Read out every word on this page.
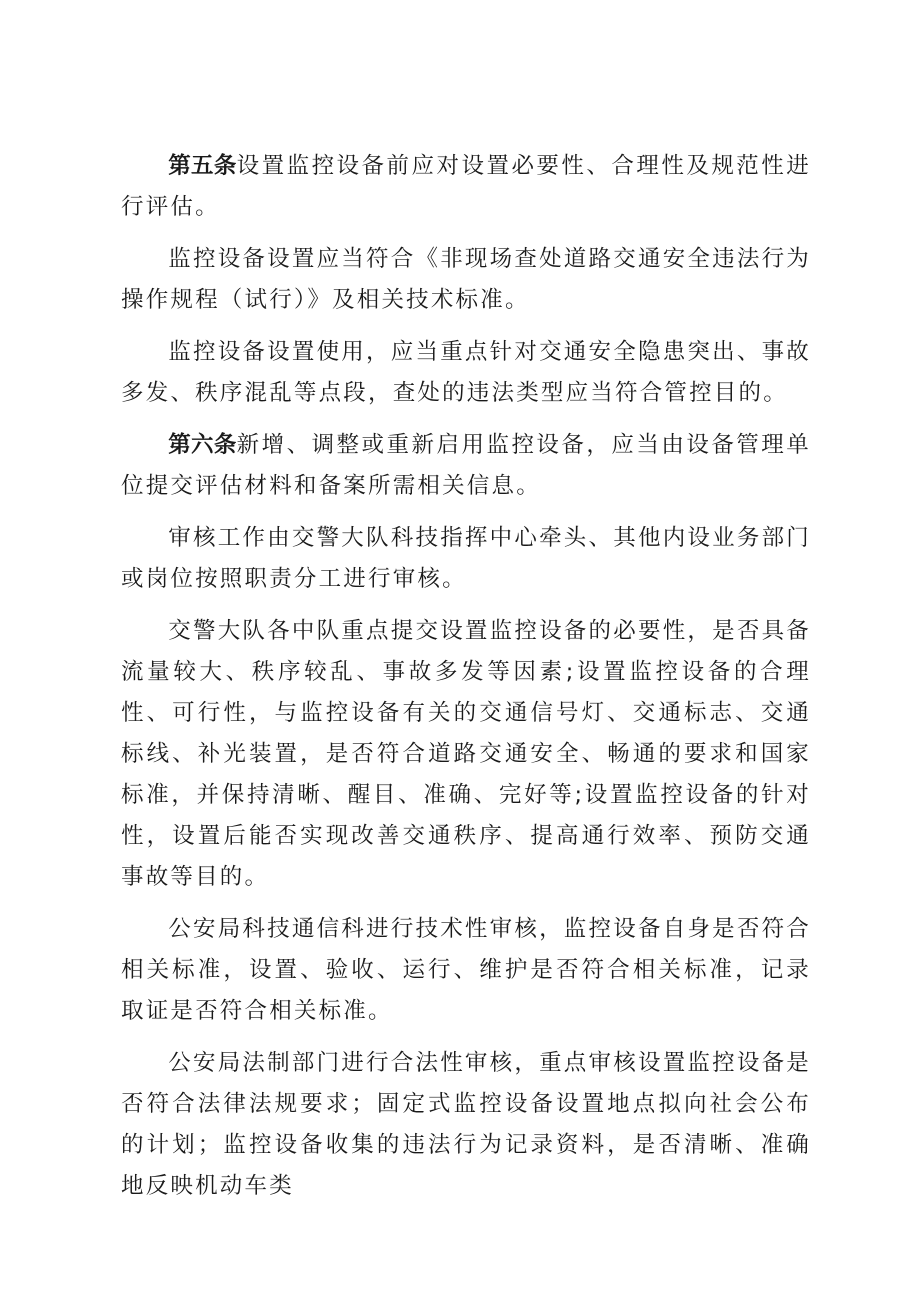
第五条设置监控设备前应对设置必要性、合理性及规范性进行评估。

监控设备设置应当符合《非现场查处道路交通安全违法行为操作规程（试行）》及相关技术标准。

监控设备设置使用，应当重点针对交通安全隐患突出、事故多发、秩序混乱等点段，查处的违法类型应当符合管控目的。

第六条新增、调整或重新启用监控设备，应当由设备管理单位提交评估材料和备案所需相关信息。

审核工作由交警大队科技指挥中心牵头、其他内设业务部门或岗位按照职责分工进行审核。

交警大队各中队重点提交设置监控设备的必要性，是否具备流量较大、秩序较乱、事故多发等因素;设置监控设备的合理性、可行性，与监控设备有关的交通信号灯、交通标志、交通标线、补光装置，是否符合道路交通安全、畅通的要求和国家标准，并保持清晰、醒目、准确、完好等;设置监控设备的针对性，设置后能否实现改善交通秩序、提高通行效率、预防交通事故等目的。

公安局科技通信科进行技术性审核，监控设备自身是否符合相关标准，设置、验收、运行、维护是否符合相关标准，记录取证是否符合相关标准。

公安局法制部门进行合法性审核，重点审核设置监控设备是否符合法律法规要求；固定式监控设备设置地点拟向社会公布的计划；监控设备收集的违法行为记录资料，是否清晰、准确地反映机动车类
